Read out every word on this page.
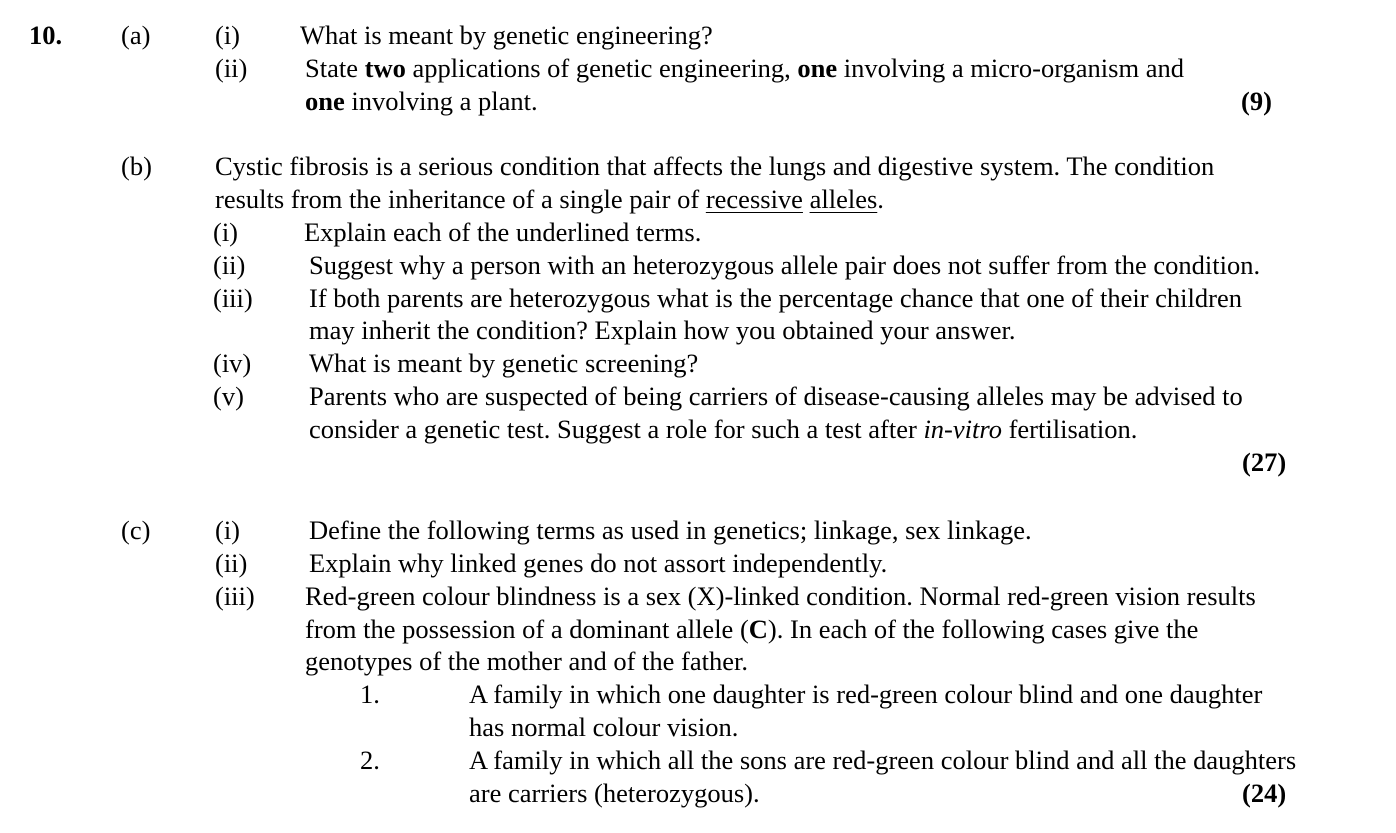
10. (a) (i) What is meant by genetic engineering?
(ii) State two applications of genetic engineering, one involving a micro-organism and
one involving a plant.	(9)
(b) Cystic fibrosis is a serious condition that affects the lungs and digestive system. The condition
results from the inheritance of a single pair of recessive alleles.
(i) Explain each of the underlined terms.
(ii) Suggest why a person with an heterozygous allele pair does not suffer from the condition.
(iii) If both parents are heterozygous what is the percentage chance that one of their children
may inherit the condition? Explain how you obtained your answer.
(iv) What is meant by genetic screening?
(v) Parents who are suspected of being carriers of disease-causing alleles may be advised to
consider a genetic test. Suggest a role for such a test after in-vitro fertilisation.
(27)
(c) (i)	Define the following terms as used in genetics; linkage, sex linkage.
(ii) Explain why linked genes do not assort independently.
(iii) Red-green colour blindness is a sex (X)-linked condition. Normal red-green vision results
from the possession of a dominant allele (C). In each of the following cases give the
genotypes of the mother and of the father.
1.	A family in which one daughter is red-green colour blind and one daughter
has normal colour vision.
2.	A family in which all the sons are red-green colour blind and all the daughters
are carriers (heterozygous).	(24)
